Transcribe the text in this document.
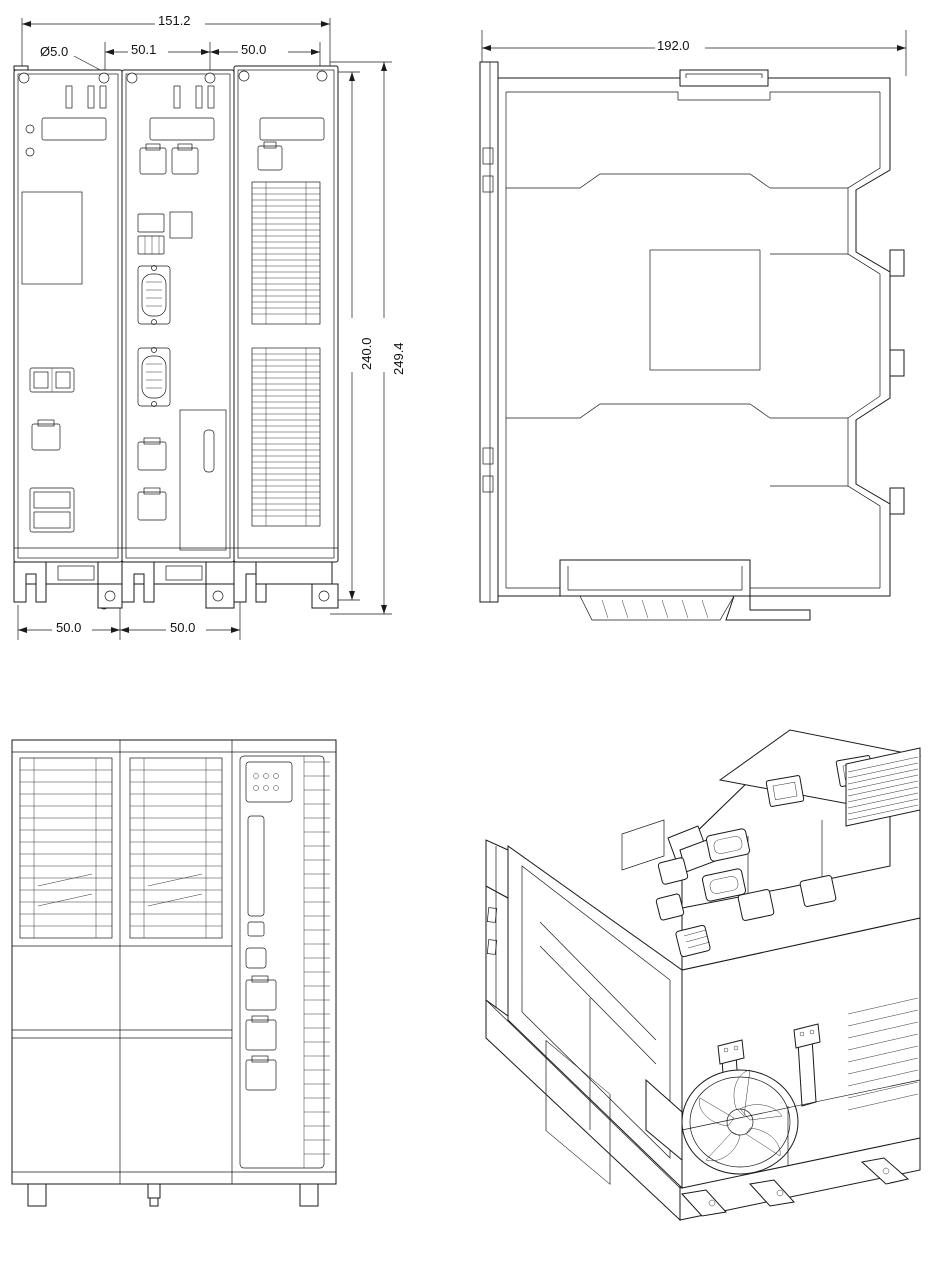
151.2
Ø5.0	50.1	50.0
240.0 249.4
50.0	50.0
192.0
